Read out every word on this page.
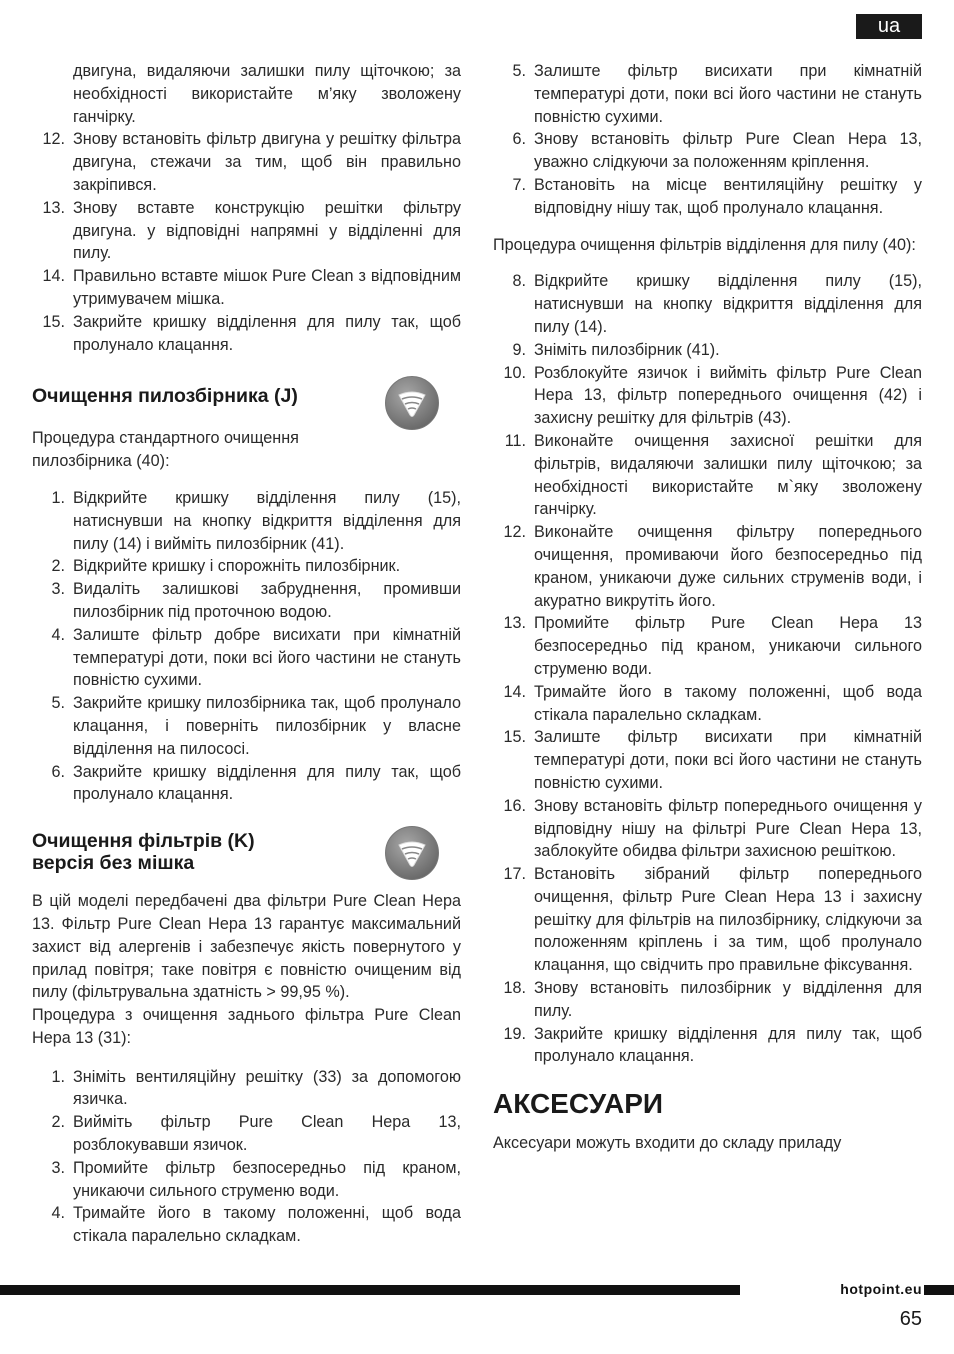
ua

двигуна, видаляючи залишки пилу щіточкою; за необхідності використайте м’яку зволожену ганчірку.

12. Знову встановіть фільтр двигуна у решітку фільтра двигуна, стежачи за тим, щоб він правильно закріпився.
13. Знову вставте конструкцію решітки фільтру двигуна. у відповідні напрямні у відділенні для пилу.
14. Правильно вставте мішок Pure Clean з відповідним утримувачем мішка.
15. Закрийте кришку відділення для пилу так, щоб пролунало клацання.
Очищення пилозбірника (J)

Процедура стандартного очищення пилозбірника (40):

1. Відкрийте кришку відділення пилу (15), натиснувши на кнопку відкриття відділення для пилу (14) і вийміть пилозбірник (41).
2. Відкрийте кришку і спорожніть пилозбірник.
3. Видаліть залишкові забруднення, промивши пилозбірник під проточною водою.
4. Залиште фільтр добре висихати при кімнатній температурі доти, поки всі його частини не стануть повністю сухими.
5. Закрийте кришку пилозбірника так, щоб пролунало клацання, і поверніть пилозбірник у власне відділення на пилососі.
6. Закрийте кришку відділення для пилу так, щоб пролунало клацання.
Очищення фільтрів (K)
версія без мішка

В цій моделі передбачені два фільтри Pure Clean Hepa 13. Фільтр Pure Clean Hepa 13 гарантує максимальний захист від алергенів і забезпечує якість повернутого у прилад повітря; таке повітря є повністю очищеним від пилу (фільтрувальна здатність > 99,95 %).

Процедура з очищення заднього фільтра Pure Clean Hepa 13 (31):

1. Зніміть вентиляційну решітку (33) за допомогою язичка.
2. Вийміть фільтр Pure Clean Hepa 13, розблокувавши язичок.
3. Промийте фільтр безпосередньо під краном, уникаючи сильного струменю води.
4. Тримайте його в такому положенні, щоб вода стікала паралельно складкам.
5. Залиште фільтр висихати при кімнатній температурі доти, поки всі його частини не стануть повністю сухими.
6. Знову встановіть фільтр Pure Clean Hepa 13, уважно слідкуючи за положенням кріплення.
7. Встановіть на місце вентиляційну решітку у відповідну нішу так, щоб пролунало клацання.

Процедура очищення фільтрів відділення для пилу (40):

8. Відкрийте кришку відділення пилу (15), натиснувши на кнопку відкриття відділення для пилу (14).
9. Зніміть пилозбірник (41).
10. Розблокуйте язичок і вийміть фільтр Pure Clean Hepa 13, фільтр попереднього очищення (42) і захисну решітку для фільтрів (43).
11. Виконайте очищення захисної решітки для фільтрів, видаляючи залишки пилу щіточкою; за необхідності використайте м`яку зволожену ганчірку.
12. Виконайте очищення фільтру попереднього очищення, промиваючи його безпосередньо під краном, уникаючи дуже сильних струменів води, і акуратно викрутіть його.
13. Промийте фільтр Pure Clean Hepa 13 безпосередньо під краном, уникаючи сильного струменю води.
14. Тримайте його в такому положенні, щоб вода стікала паралельно складкам.
15. Залиште фільтр висихати при кімнатній температурі доти, поки всі його частини не стануть повністю сухими.
16. Знову встановіть фільтр попереднього очищення у відповідну нішу на фільтрі Pure Clean Hepa 13, заблокуйте обидва фільтри захисною решіткою.
17. Встановіть зібраний фільтр попереднього очищення, фільтр Pure Clean Hepa 13 і захисну решітку для фільтрів на пилозбірнику, слідкуючи за положенням кріплень і за тим, щоб пролунало клацання, що свідчить про правильне фіксування.
18. Знову встановіть пилозбірник у відділення для пилу.
19. Закрийте кришку відділення для пилу так, щоб пролунало клацання.
АКСЕСУАРИ

Аксесуари можуть входити до складу приладу

hotpoint.eu
65
